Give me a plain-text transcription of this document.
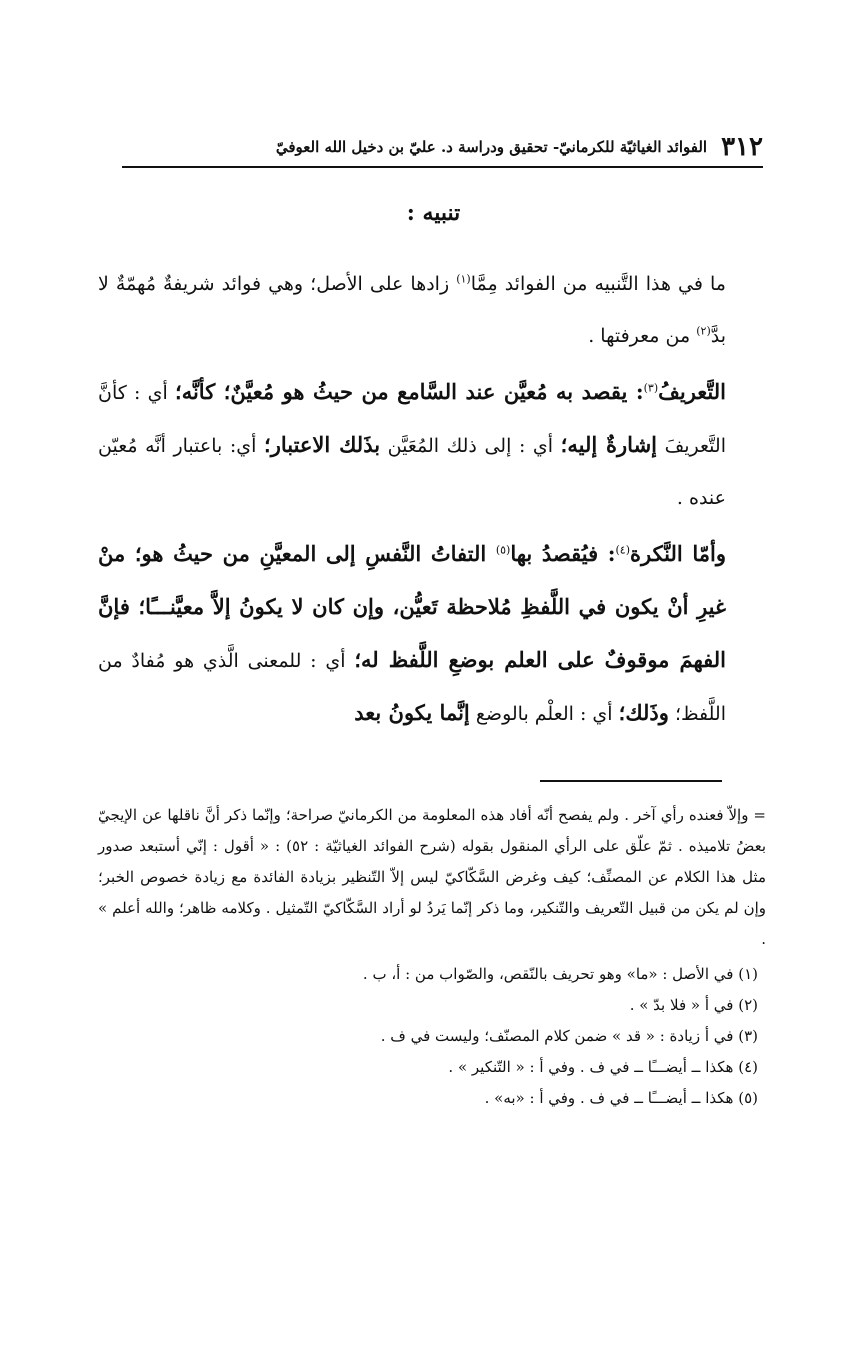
٣١٢
الفوائد الغياثيّة للكرمانيّ- تحقيق ودراسة د. عليّ بن دخيل الله العوفيّ
تنبيه :

ما في هذا التَّنبيه من الفوائد مِمَّا$^{(١)}$ زادها على الأصل؛ وهي فوائد شريفةٌ مُهمّةٌ لا بدَّ$^{(٢)}$ من معرفتها .

التَّعريفُ$^{(٣)}$: يقصد به مُعيَّن عند السَّامع من حيثُ هو مُعيَّنٌ؛ كأنَّه؛ أي : كأنَّ التَّعريفَ إشارةٌ إليه؛ أي : إلى ذلك المُعَيَّن بذَلك الاعتبار؛ أي: باعتبار أنَّه مُعيّن عنده .

وأمّا النَّكرة$^{(٤)}$: فيُقصدُ بها$^{(٥)}$ التفاتُ النَّفسِ إلى المعيَّنِ من حيثُ هو؛ منْ غيرِ أنْ يكون في اللَّفظِ مُلاحظة تَعيُّن، وإن كان لا يكونُ إلاَّ معيَّنـــًا؛ فإنَّ الفهمَ موقوفٌ على العلم بوضعِ اللَّفظ له؛ أي : للمعنى الَّذي هو مُفادٌ من اللَّفظ؛ وذَلك؛ أي : العلْم بالوضع إنَّما يكونُ بعد

= وإلاّ فعنده رأي آخر . ولم يفصح أنّه أفاد هذه المعلومة من الكرمانيّ صراحة؛ وإنّما ذكر أنَّ ناقلها عن الإيجيّ بعضُ تلاميذه . ثمّ علّق على الرأي المنقول بقوله (شرح الفوائد الغياثيّة : ٥٢) : « أقول : إنّي أستبعد صدور مثل هذا الكلام عن المصنِّف؛ كيف وغرض السَّكّاكيّ ليس إلاّ التّنظير بزيادة الفائدة مع زيادة خصوص الخبر؛ وإن لم يكن من قبيل التّعريف والتّنكير، وما ذكر إنّما يَردُ لو أراد السَّكّاكيّ التّمثيل . وكلامه ظاهر؛ والله أعلم » .

(١) في الأصل : «ما» وهو تحريف بالنّقص، والصّواب من : أ، ب .

(٢) في أ « فلا بدّ » .

(٣) في أ زيادة : « قد » ضمن كلام المصنّف؛ وليست في ف .

(٤) هكذا ــ أيضـــًا ــ في ف . وفي أ : « التّنكير » .

(٥) هكذا ــ أيضـــًا ــ في ف . وفي أ : «به» .
